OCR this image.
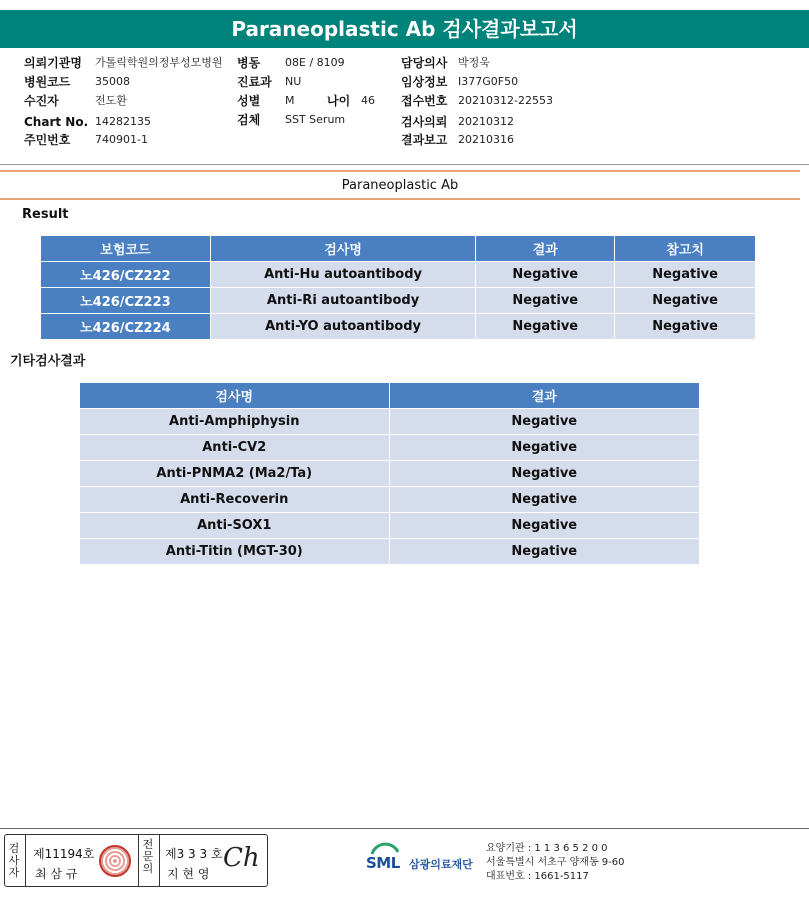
Paraneoplastic Ab 검사결과보고서
의뢰기관명 가톨릭학원의정부성모병원
병원코드 35008
수진자	전도환
Chart No. 14282135
주민번호 740901-1
병동 08E / 8109
진료과 NU
성별 M	나이 46
검체 SST Serum
담당의사 박정욱
임상정보 I377G0F50
접수번호 20210312-22553
검사의뢰 20210312
결과보고 20210316
Paraneoplastic Ab
Result
보험코드	검사명	결과	참고치
노426/CZ222	Anti-Hu autoantibody	Negative	Negative
노426/CZ223	Anti-Ri autoantibody	Negative	Negative
노426/CZ224	Anti-YO autoantibody	Negative	Negative
기타검사결과
검사명	결과
Anti-Amphiphysin	Negative
Anti-CV2	Negative
Anti-PNMA2 (Ma2/Ta)	Negative
Anti-Recoverin	Negative
Anti-SOX1	Negative
Anti-Titin (MGT-30)	Negative
검사자
제11194호
최 삼 규
전문의
제3 3 3 호
지 현 영
Ch	SML 삼광의료재단
요양기관 : 1 1 3 6 5 2 0 0
서울특별시 서초구 양재동 9-60
대표번호 : 1661-5117
